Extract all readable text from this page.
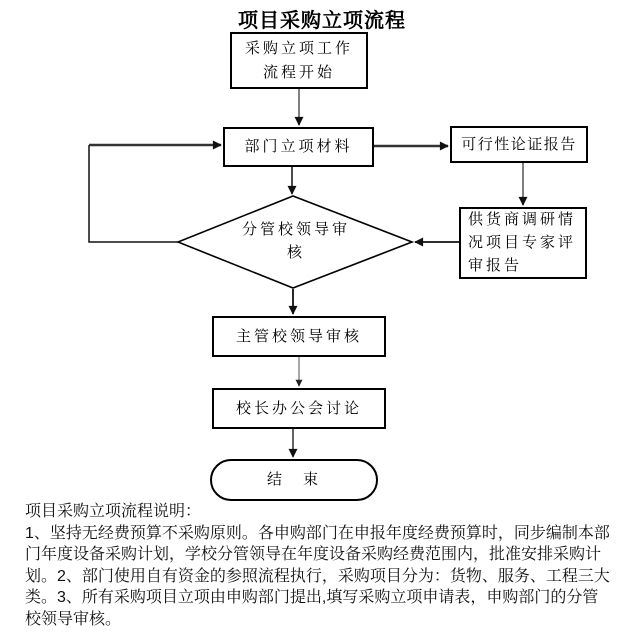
项目采购立项流程
采购立项工作
流程开始
部门立项材料	可行性论证报告
供货商调研情
况项目专家评
审报告
分管校领导审
核
主管校领导审核
校长办公会讨论
结　束
项目采购立项流程说明：
1、坚持无经费预算不采购原则。各申购部门在申报年度经费预算时，同步编制本部
门年度设备采购计划，学校分管领导在年度设备采购经费范围内，批准安排采购计
划。2、部门使用自有资金的参照流程执行，采购项目分为：货物、服务、工程三大
类。3、所有采购项目立项由申购部门提出,填写采购立项申请表，申购部门的分管
校领导审核。
